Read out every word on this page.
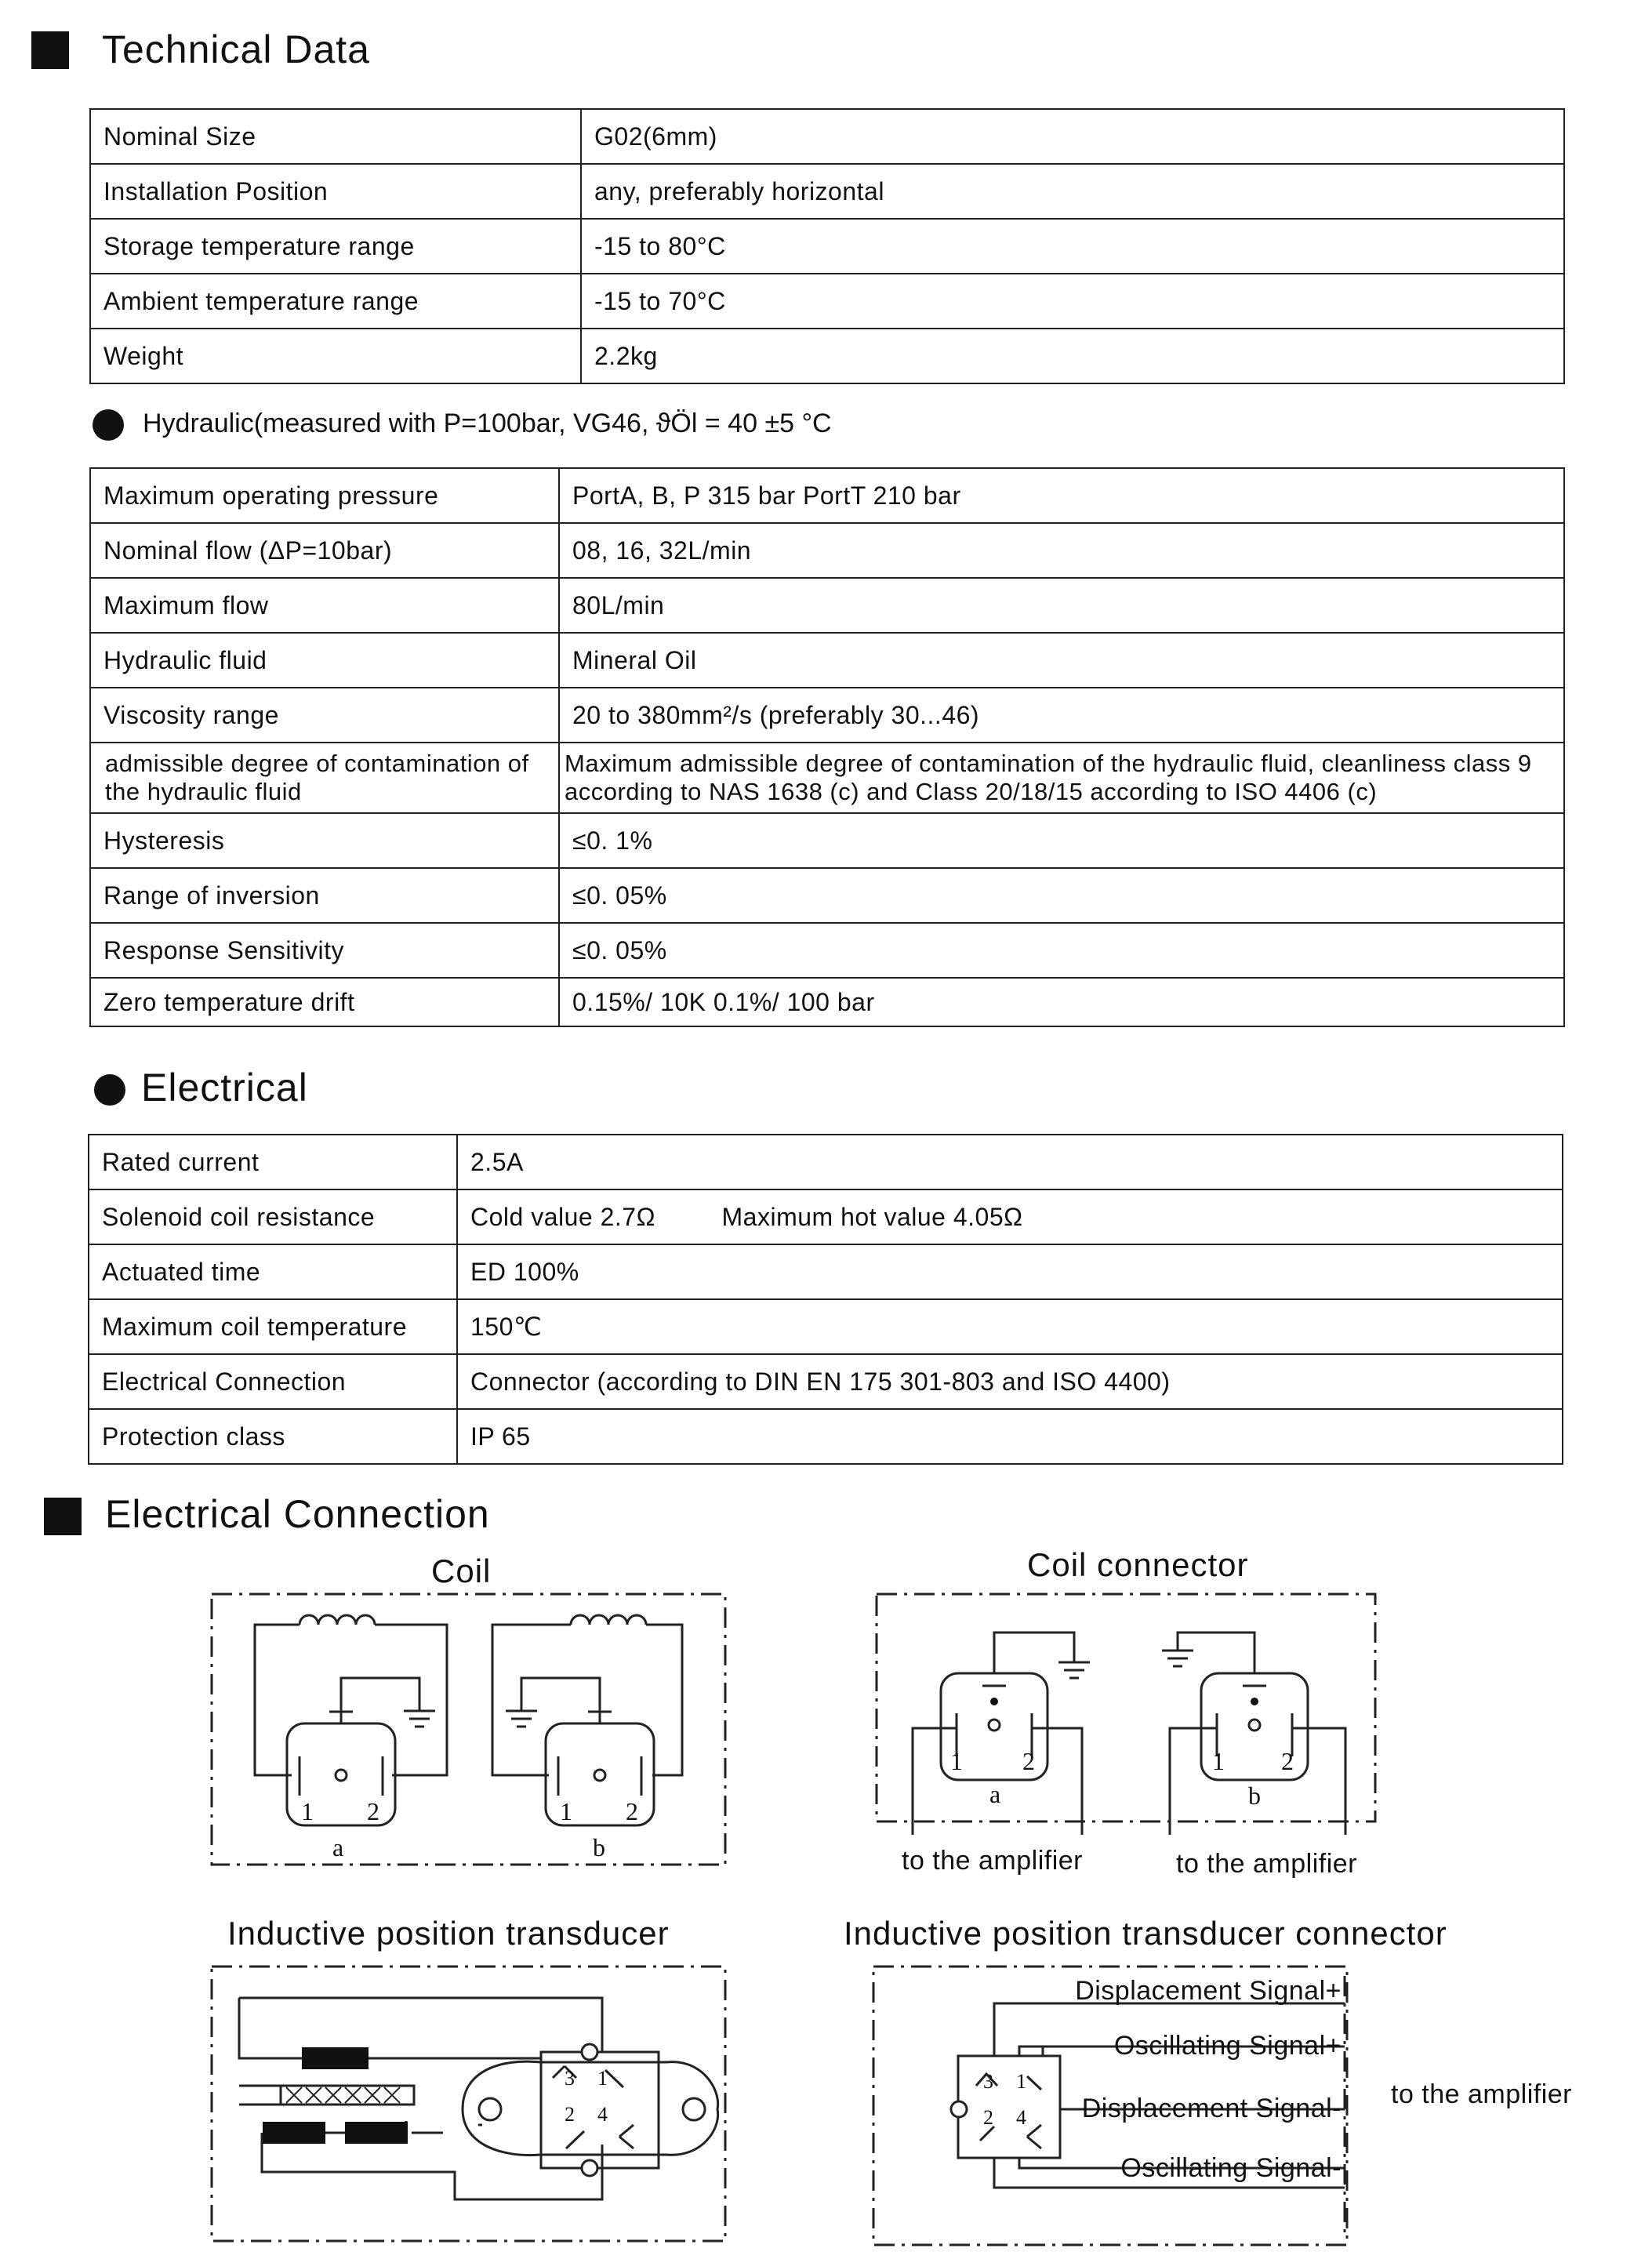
Technical Data
Nominal Size	G02(6mm)
Installation Position	any, preferably horizontal
Storage temperature range	-15 to 80°C
Ambient temperature range	-15 to 70°C
Weight	2.2kg
Hydraulic(measured with P=100bar, VG46, ϑÖl = 40 ±5 °C
Maximum operating pressure	PortA, B, P 315 bar PortT 210 bar
Nominal flow (ΔP=10bar)	08, 16, 32L/min
Maximum flow	80L/min
Hydraulic fluid	Mineral Oil
Viscosity range	20 to 380mm²/s (preferably 30...46)
admissible degree of contamination of the hydraulic fluid	Maximum admissible degree of contamination of the hydraulic fluid, cleanliness class 9 according to NAS 1638 (c) and Class 20/18/15 according to ISO 4406 (c)
Hysteresis	≤0. 1%
Range of inversion	≤0. 05%
Response Sensitivity	≤0. 05%
Zero temperature drift	0.15%/ 10K 0.1%/ 100 bar
Electrical
Rated current	2.5A
Solenoid coil resistance	Cold value 2.7Ω         Maximum hot value 4.05Ω
Actuated time	ED 100%
Maximum coil temperature	150℃
Electrical Connection	Connector (according to DIN EN 175 301-803 and ISO 4400)
Protection class	IP 65
Electrical Connection
Coil	Coil connector
Inductive position transducer	Inductive position transducer connector
1 2
a
1 2
b
1 2
a
1 2
b
to the amplifier	to the amplifier
3 1
2 4
3 1
2 4
Displacement Signal+
Oscillating Signal+
Displacement Signal-
Oscillating Signal-
to the amplifier
